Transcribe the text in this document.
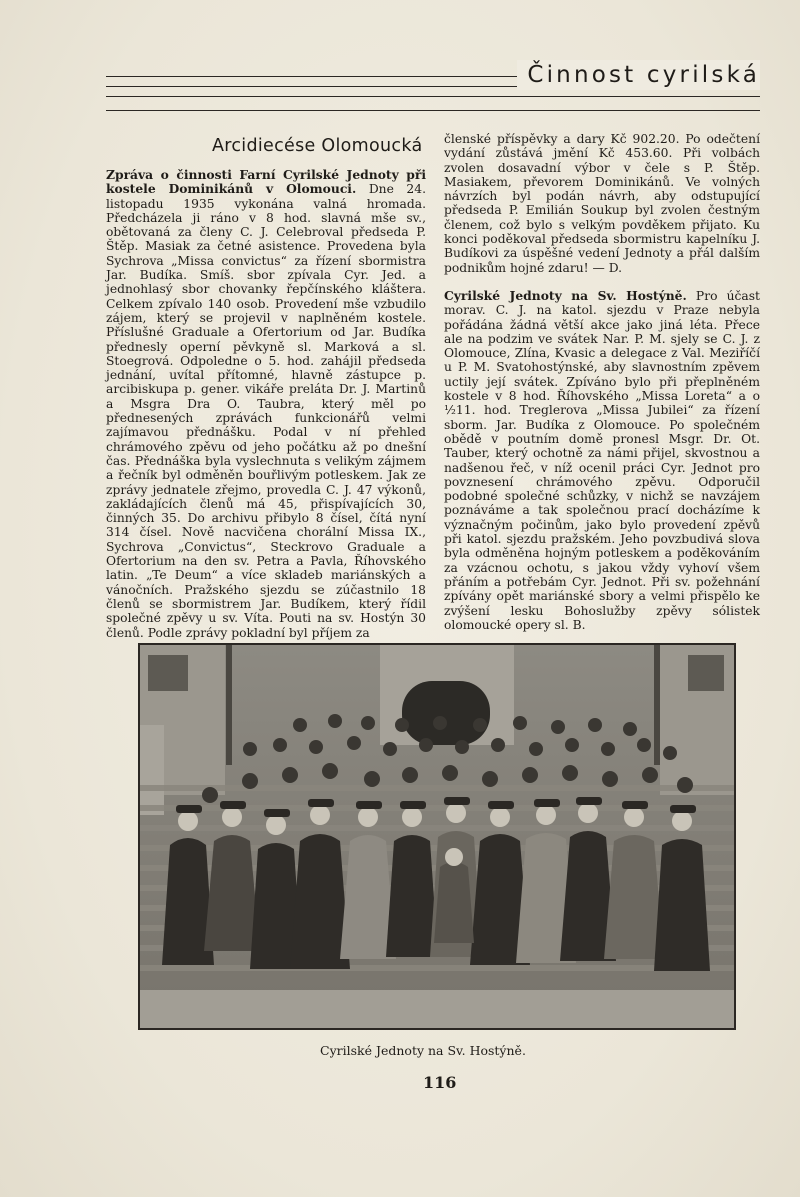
Činnost cyrilská
Arcidiecése Olomoucká

Zpráva o činnosti Farní Cyrilské Jednoty při kostele Dominikánů v Olomouci. Dne 24. listopadu 1935 vykonána valná hromada. Předcházela ji ráno v 8 hod. slavná mše sv., obětovaná za členy C. J. Celebroval předseda P. Štěp. Masiak za četné asistence. Provedena byla Sychrova „Missa convictus“ za řízení sbormistra Jar. Budíka. Smíš. sbor zpívala Cyr. Jed. a jednohlasý sbor chovanky řepčínského kláštera. Celkem zpívalo 140 osob. Provedení mše vzbudilo zájem, který se projevil v naplněném kostele. Příslušné Graduale a Ofertorium od Jar. Budíka přednesly operní pěvkyně sl. Marková a sl. Stoegrová. Odpoledne o 5. hod. zahájil předseda jednání, uvítal přítomné, hlavně zástupce p. arcibiskupa p. gener. vikáře preláta Dr. J. Martinů a Msgra Dra O. Taubra, který měl po přednesených zprávách funkcionářů velmi zajímavou přednášku. Podal v ní přehled chrámového zpěvu od jeho počátku až po dnešní čas. Přednáška byla vyslechnuta s velikým zájmem a řečník byl odměněn bouřlivým potleskem. Jak ze zprávy jednatele zřejmo, provedla C. J. 47 výkonů, zakládajících členů má 45, přispívajících 30, činných 35. Do archivu přibylo 8 čísel, čítá nyní 314 čísel. Nově nacvičena chorální Missa IX., Sychrova „Convictus“, Steckrovo Graduale a Ofertorium na den sv. Petra a Pavla, Říhovského latin. „Te Deum“ a více skladeb mariánských a vánočních. Pražského sjezdu se zúčastnilo 18 členů se sbormistrem Jar. Budíkem, který řídil společné zpěvy u sv. Víta. Pouti na sv. Hostýn 30 členů. Podle zprávy pokladní byl příjem za

členské příspěvky a dary Kč 902.20. Po odečtení vydání zůstává jmění Kč 453.60. Při volbách zvolen dosavadní výbor v čele s P. Štěp. Masiakem, převorem Dominikánů. Ve volných návrzích byl podán návrh, aby odstupující předseda P. Emilián Soukup byl zvolen čestným členem, což bylo s velkým povděkem přijato. Ku konci poděkoval předseda sbormistru kapelníku J. Budíkovi za úspěšné vedení Jednoty a přál dalším podnikům hojné zdaru! — D.

Cyrilské Jednoty na Sv. Hostýně. Pro účast morav. C. J. na katol. sjezdu v Praze nebyla pořádána žádná větší akce jako jiná léta. Přece ale na podzim ve svátek Nar. P. M. sjely se C. J. z Olomouce, Zlína, Kvasic a delegace z Val. Meziříčí u P. M. Svatohostýnské, aby slavnostním zpěvem uctily její svátek. Zpíváno bylo při přeplněném kostele v 8 hod. Říhovského „Missa Loreta“ a o ½11. hod. Treglerova „Missa Jubilei“ za řízení sborm. Jar. Budíka z Olomouce. Po společném obědě v poutním domě pronesl Msgr. Dr. Ot. Tauber, který ochotně za námi přijel, skvostnou a nadšenou řeč, v níž ocenil práci Cyr. Jednot pro povznesení chrámového zpěvu. Odporučil podobné společné schůzky, v nichž se navzájem poznáváme a tak společnou prací docházíme k význačným počinům, jako bylo provedení zpěvů při katol. sjezdu pražském. Jeho povzbudivá slova byla odměněna hojným potleskem a poděkováním za vzácnou ochotu, s jakou vždy vyhoví všem přáním a potřebám Cyr. Jednot. Při sv. požehnání zpívány opět mariánské sbory a velmi přispělo ke zvýšení lesku Bohoslužby zpěvy sólistek olomoucké opery sl. B.

Cyrilské Jednoty na Sv. Hostýně.
116
